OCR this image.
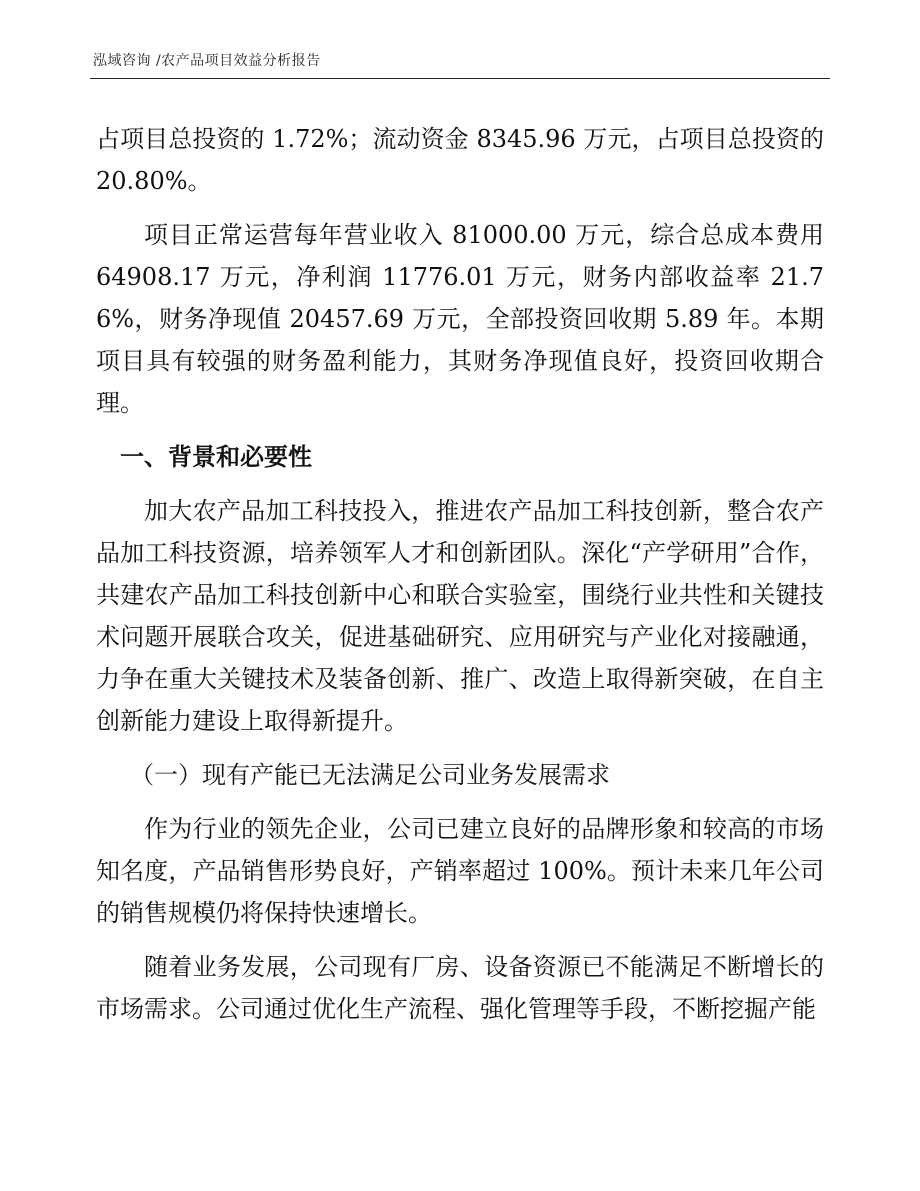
泓域咨询 /农产品项目效益分析报告

占项目总投资的 1.72%；流动资金 8345.96 万元，占项目总投资的 20.80%。

项目正常运营每年营业收入 81000.00 万元，综合总成本费用 64908.17 万元，净利润 11776.01 万元，财务内部收益率 21.76%，财务净现值 20457.69 万元，全部投资回收期 5.89 年。本期项目具有较强的财务盈利能力，其财务净现值良好，投资回收期合理。

一、背景和必要性

加大农产品加工科技投入，推进农产品加工科技创新，整合农产品加工科技资源，培养领军人才和创新团队。深化“产学研用”合作，共建农产品加工科技创新中心和联合实验室，围绕行业共性和关键技术问题开展联合攻关，促进基础研究、应用研究与产业化对接融通，力争在重大关键技术及装备创新、推广、改造上取得新突破，在自主创新能力建设上取得新提升。

（一）现有产能已无法满足公司业务发展需求

作为行业的领先企业，公司已建立良好的品牌形象和较高的市场知名度，产品销售形势良好，产销率超过 100%。预计未来几年公司的销售规模仍将保持快速增长。

随着业务发展，公司现有厂房、设备资源已不能满足不断增长的市场需求。公司通过优化生产流程、强化管理等手段，不断挖掘产能
